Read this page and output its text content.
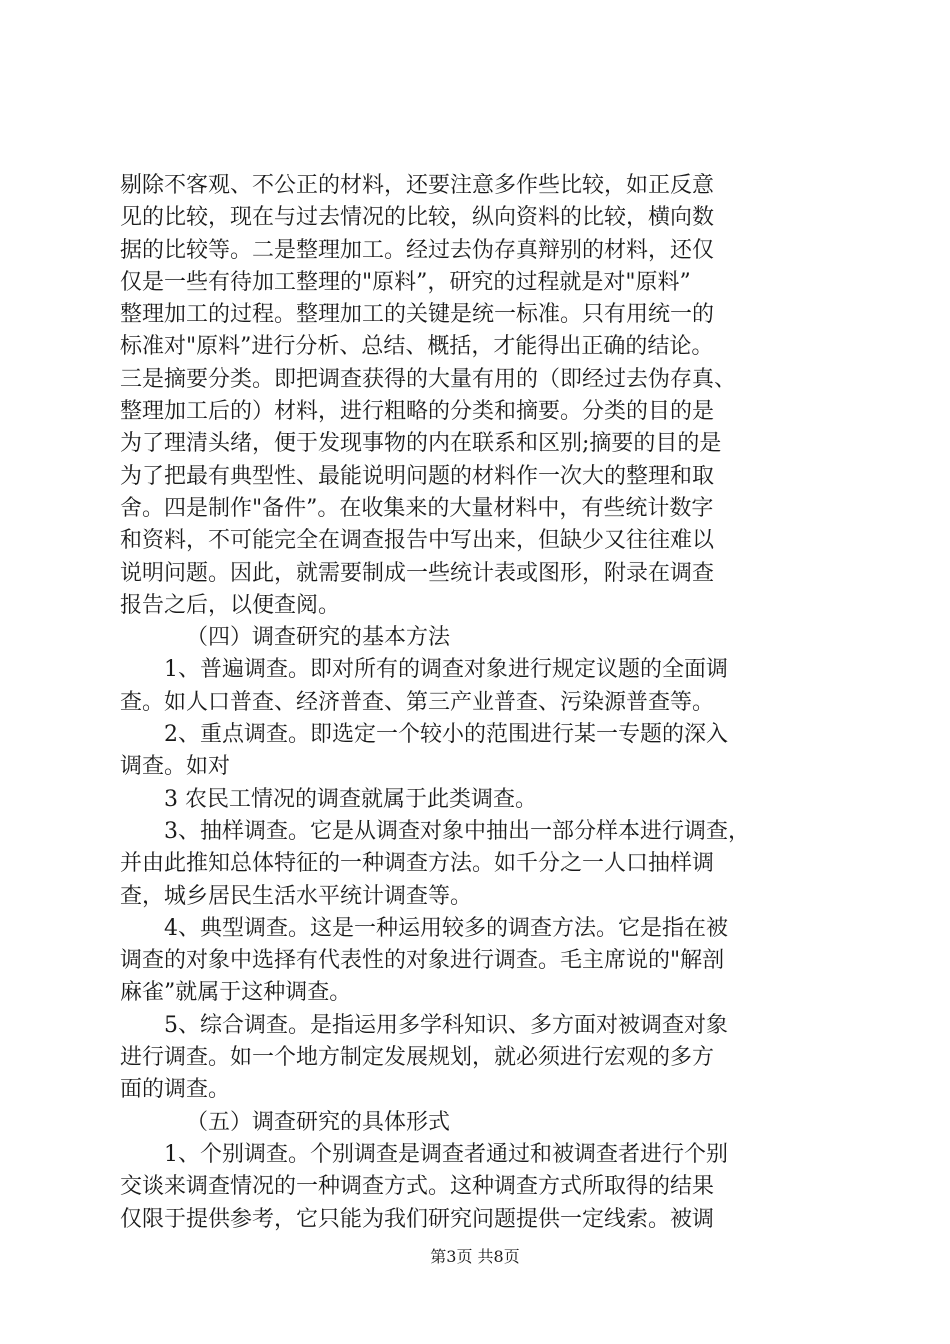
剔除不客观、不公正的材料，还要注意多作些比较，如正反意
见的比较，现在与过去情况的比较，纵向资料的比较，横向数
据的比较等。二是整理加工。经过去伪存真辩别的材料，还仅
仅是一些有待加工整理的"原料”，研究的过程就是对"原料”
整理加工的过程。整理加工的关键是统一标准。只有用统一的
标准对"原料”进行分析、总结、概括，才能得出正确的结论。
三是摘要分类。即把调查获得的大量有用的（即经过去伪存真、
整理加工后的）材料，进行粗略的分类和摘要。分类的目的是
为了理清头绪，便于发现事物的内在联系和区别;摘要的目的是
为了把最有典型性、最能说明问题的材料作一次大的整理和取
舍。四是制作"备件”。在收集来的大量材料中，有些统计数字
和资料，不可能完全在调查报告中写出来，但缺少又往往难以
说明问题。因此，就需要制成一些统计表或图形，附录在调查
报告之后，以便查阅。
（四）调查研究的基本方法
1、普遍调查。即对所有的调查对象进行规定议题的全面调
查。如人口普查、经济普查、第三产业普查、污染源普查等。
2、重点调查。即选定一个较小的范围进行某一专题的深入
调查。如对
3 农民工情况的调查就属于此类调查。
3、抽样调查。它是从调查对象中抽出一部分样本进行调查，
并由此推知总体特征的一种调查方法。如千分之一人口抽样调
查，城乡居民生活水平统计调查等。
4、典型调查。这是一种运用较多的调查方法。它是指在被
调查的对象中选择有代表性的对象进行调查。毛主席说的"解剖
麻雀”就属于这种调查。
5、综合调查。是指运用多学科知识、多方面对被调查对象
进行调查。如一个地方制定发展规划，就必须进行宏观的多方
面的调查。
（五）调查研究的具体形式
1、个别调查。个别调查是调查者通过和被调查者进行个别
交谈来调查情况的一种调查方式。这种调查方式所取得的结果
仅限于提供参考，它只能为我们研究问题提供一定线索。被调
第3页 共8页
